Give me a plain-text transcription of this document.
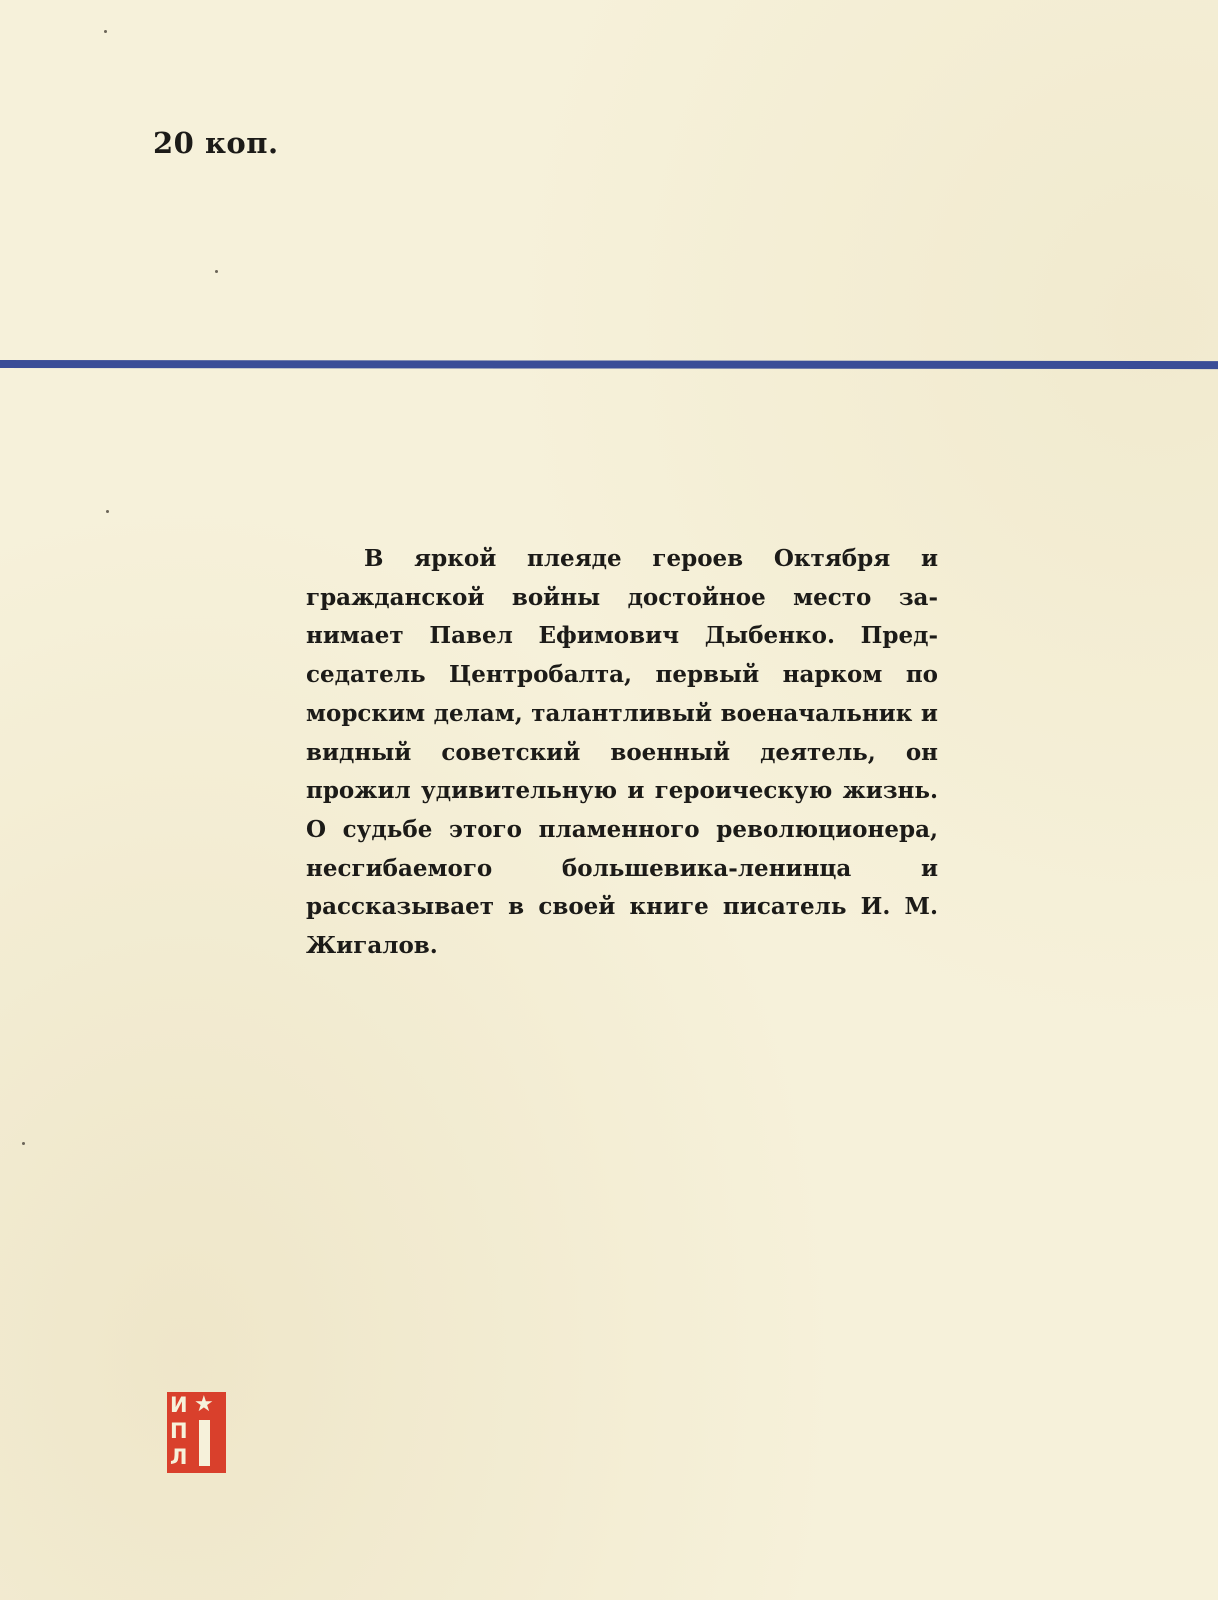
20 коп.

В яркой плеяде героев Октября и гражданской войны достойное место занимает Павел Ефимович Дыбенко. Председатель Центробалта, первый нарком по морским делам, талантливый военачальник и видный советский военный деятель, он прожил удивительную и героическую жизнь. О судьбе этого пламенного революционера, несгибаемого большевика-ленинца и рассказывает в своей книге писатель И. М. Жигалов.

И ★
П
Л
